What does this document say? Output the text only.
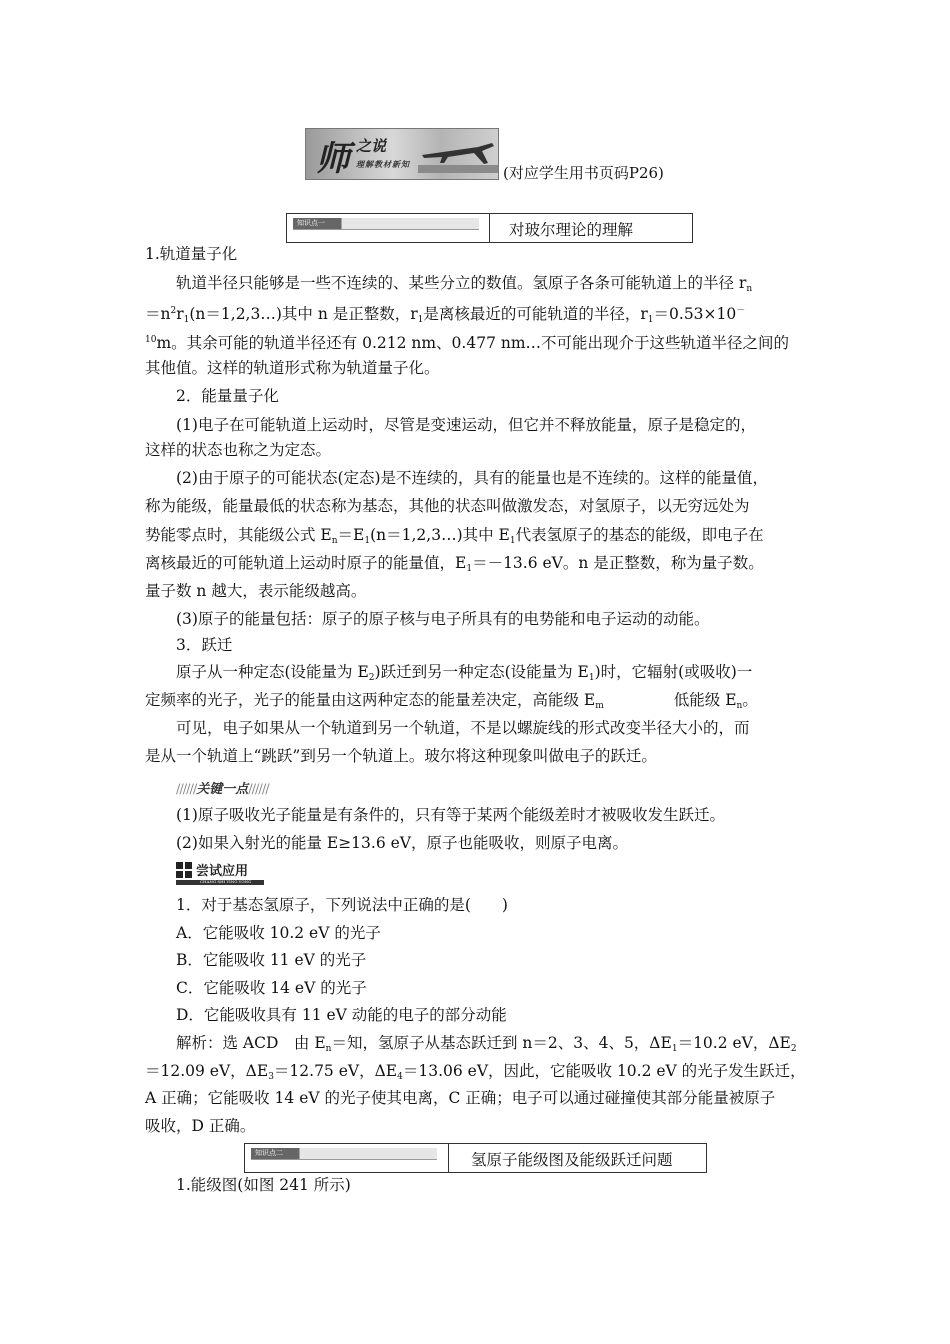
师 之说
理解教材新知	(对应学生用书页码P26)
知识点一	对玻尔理论的理解
1.轨道量子化
轨道半径只能够是一些不连续的、某些分立的数值。氢原子各条可能轨道上的半径 $r_n$
$=n^2r_1(n=1,2,3\dots)$其中 n 是正整数，$r_1$是离核最近的可能轨道的半径，$r_1=0.53\times 10^-$
$^{10}$m。其余可能的轨道半径还有 0.212 nm、0.477 nm…不可能出现介于这些轨道半径之间的
其他值。这样的轨道形式称为轨道量子化。
2．能量量子化
(1)电子在可能轨道上运动时，尽管是变速运动，但它并不释放能量，原子是稳定的，
这样的状态也称之为定态。
(2)由于原子的可能状态(定态)是不连续的，具有的能量也是不连续的。这样的能量值，
称为能级，能量最低的状态称为基态，其他的状态叫做激发态，对氢原子，以无穷远处为
势能零点时，其能级公式 $E_n=E_1(n=1,2,3\dots)$其中 $E_1$代表氢原子的基态的能级，即电子在
离核最近的可能轨道上运动时原子的能量值，$E_1=-13.6$ eV。n 是正整数，称为量子数。
量子数 n 越大，表示能级越高。
(3)原子的能量包括：原子的原子核与电子所具有的电势能和电子运动的动能。
3．跃迁
原子从一种定态(设能量为 $E_2$)跃迁到另一种定态(设能量为 $E_1$)时，它辐射(或吸收)一
定频率的光子，光子的能量由这两种定态的能量差决定，高能级 $E_m$	低能级 $E_n$。
可见，电子如果从一个轨道到另一个轨道，不是以螺旋线的形式改变半径大小的，而
是从一个轨道上“跳跃”到另一个轨道上。玻尔将这种现象叫做电子的跃迁。
//////关键一点//////
(1)原子吸收光子能量是有条件的，只有等于某两个能级差时才被吸收发生跃迁。
(2)如果入射光的能量 E≥13.6 eV，原子也能吸收，则原子电离。
尝试应用
CHANG SHI YING YONG
1．对于基态氢原子，下列说法中正确的是(　　)
A．它能吸收 10.2 eV 的光子
B．它能吸收 11 eV 的光子
C．它能吸收 14 eV 的光子
D．它能吸收具有 11 eV 动能的电子的部分动能
解析：选 ACD　由 $E_n=$知，氢原子从基态跃迁到 n＝2、3、4、5，$\Delta E_1=10.2$ eV，$\Delta E_2$
＝12.09 eV，$\Delta E_3=12.75$ eV，$\Delta E_4=13.06$ eV，因此，它能吸收 10.2 eV 的光子发生跃迁，
A 正确；它能吸收 14 eV 的光子使其电离，C 正确；电子可以通过碰撞使其部分能量被原子
吸收，D 正确。
知识点二	氢原子能级图及能级跃迁问题
1.能级图(如图 241 所示)
